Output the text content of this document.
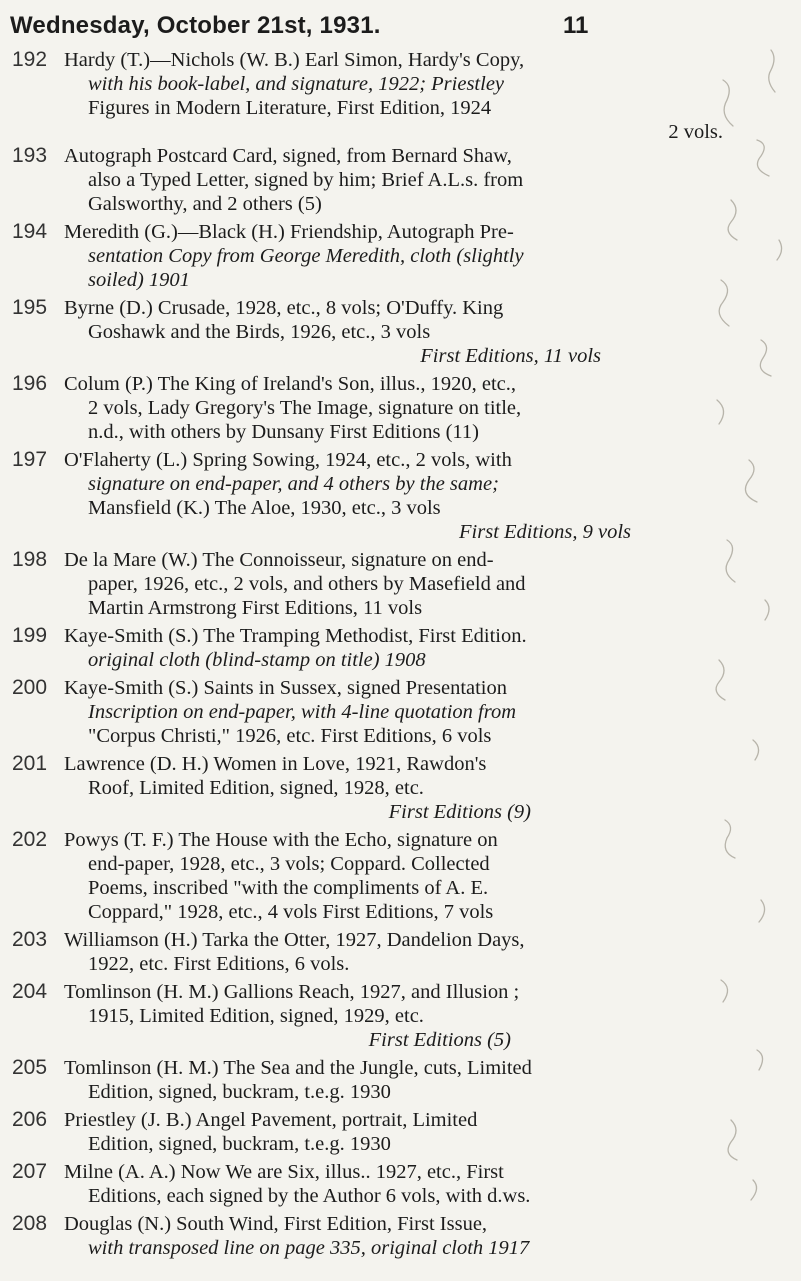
Wednesday, October 21st, 1931.	11
192 Hardy (T.)—Nichols (W. B.) Earl Simon, Hardy's Copy,
with his book-label, and signature, 1922; Priestley
Figures in Modern Literature, First Edition, 1924
2 vols.
193 Autograph Postcard Card, signed, from Bernard Shaw,
also a Typed Letter, signed by him; Brief A.L.s. from
Galsworthy, and 2 others (5)
194 Meredith (G.)—Black (H.) Friendship, Autograph Pre-
sentation Copy from George Meredith, cloth (slightly
soiled) 1901
195 Byrne (D.) Crusade, 1928, etc., 8 vols; O'Duffy. King
Goshawk and the Birds, 1926, etc., 3 vols
First Editions, 11 vols
196 Colum (P.) The King of Ireland's Son, illus., 1920, etc.,
2 vols, Lady Gregory's The Image, signature on title,
n.d., with others by Dunsany First Editions (11)
197 O'Flaherty (L.) Spring Sowing, 1924, etc., 2 vols, with
signature on end-paper, and 4 others by the same;
Mansfield (K.) The Aloe, 1930, etc., 3 vols
First Editions, 9 vols
198 De la Mare (W.) The Connoisseur, signature on end-
paper, 1926, etc., 2 vols, and others by Masefield and
Martin Armstrong First Editions, 11 vols
199 Kaye-Smith (S.) The Tramping Methodist, First Edition.
original cloth (blind-stamp on title) 1908
200 Kaye-Smith (S.) Saints in Sussex, signed Presentation
Inscription on end-paper, with 4-line quotation from
"Corpus Christi," 1926, etc. First Editions, 6 vols
201 Lawrence (D. H.) Women in Love, 1921, Rawdon's
Roof, Limited Edition, signed, 1928, etc.
First Editions (9)
202 Powys (T. F.) The House with the Echo, signature on
end-paper, 1928, etc., 3 vols; Coppard. Collected
Poems, inscribed "with the compliments of A. E.
Coppard," 1928, etc., 4 vols First Editions, 7 vols
203 Williamson (H.) Tarka the Otter, 1927, Dandelion Days,
1922, etc. First Editions, 6 vols.
204 Tomlinson (H. M.) Gallions Reach, 1927, and Illusion ;
1915, Limited Edition, signed, 1929, etc.
First Editions (5)
205 Tomlinson (H. M.) The Sea and the Jungle, cuts, Limited
Edition, signed, buckram, t.e.g. 1930
206 Priestley (J. B.) Angel Pavement, portrait, Limited
Edition, signed, buckram, t.e.g. 1930
207 Milne (A. A.) Now We are Six, illus.. 1927, etc., First
Editions, each signed by the Author 6 vols, with d.ws.
208 Douglas (N.) South Wind, First Edition, First Issue,
with transposed line on page 335, original cloth 1917
